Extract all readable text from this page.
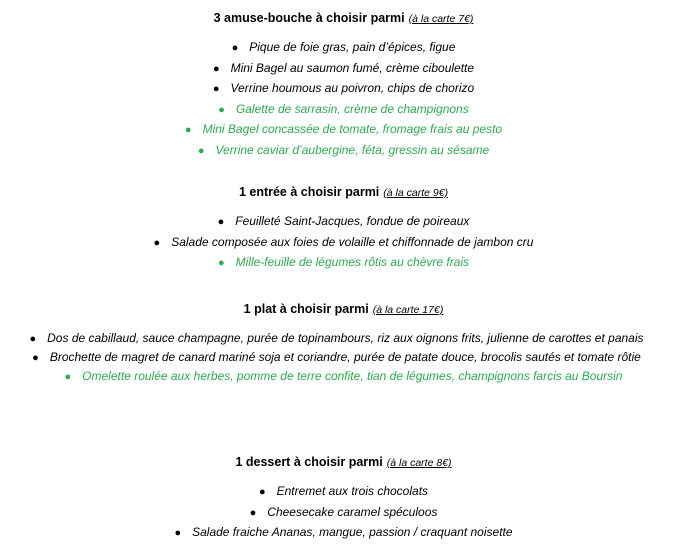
3 amuse-bouche à choisir parmi (à la carte 7€)
● Pique de foie gras, pain d’épices, figue
● Mini Bagel au saumon fumé, crème ciboulette
● Verrine houmous au poivron, chips de chorizo
● Galette de sarrasin, crème de champignons
● Mini Bagel concassée de tomate, fromage frais au pesto
● Verrine caviar d’aubergine, féta, gressin au sésame
1 entrée à choisir parmi (à la carte 9€)
● Feuilleté Saint-Jacques, fondue de poireaux
● Salade composée aux foies de volaille et chiffonnade de jambon cru
● Mille-feuille de légumes rôtis au chèvre frais
1 plat à choisir parmi (à la carte 17€)
● Dos de cabillaud, sauce champagne, purée de topinambours, riz aux oignons frits, julienne de carottes et panais
● Brochette de magret de canard mariné soja et coriandre, purée de patate douce, brocolis sautés et tomate rôtie
● Omelette roulée aux herbes, pomme de terre confite, tian de légumes, champignons farcis au Boursin
1 dessert à choisir parmi (à la carte 8€)
● Entremet aux trois chocolats
● Cheesecake caramel spéculoos
● Salade fraiche Ananas, mangue, passion / craquant noisette
